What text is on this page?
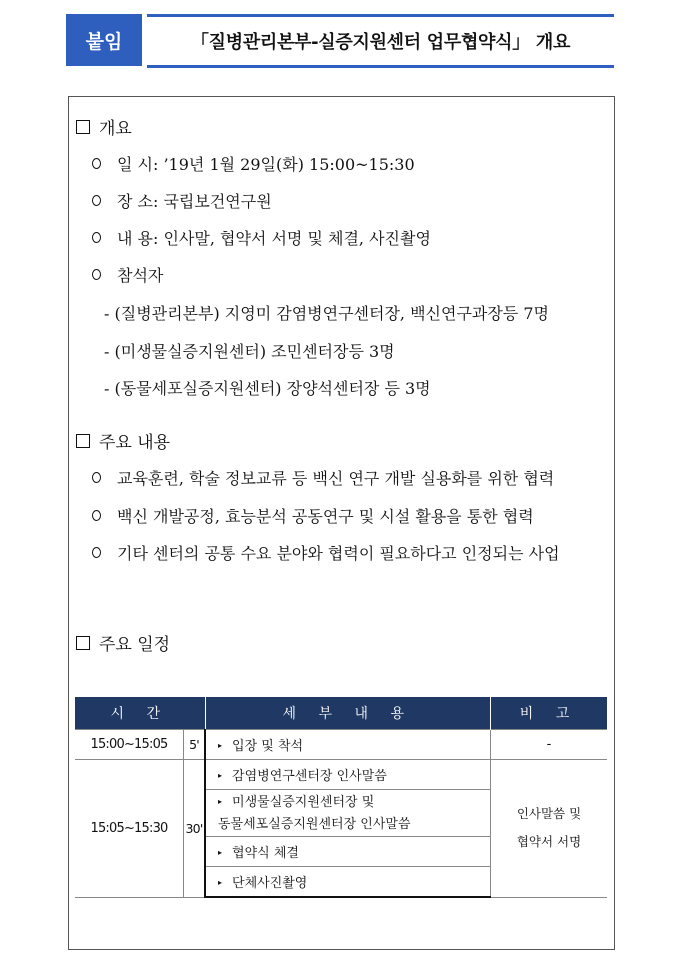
붙임	「질병관리본부-실증지원센터 업무협약식」 개요
개요
일 시: ’19년 1월 29일(화) 15:00~15:30
장 소: 국립보건연구원
내 용: 인사말, 협약서 서명 및 체결, 사진촬영
참석자
- (질병관리본부) 지영미 감염병연구센터장, 백신연구과장등 7명
- (미생물실증지원센터) 조민센터장등 3명
- (동물세포실증지원센터) 장양석센터장 등 3명
주요 내용
교육훈련, 학술 정보교류 등 백신 연구 개발 실용화를 위한 협력
백신 개발공정, 효능분석 공동연구 및 시설 활용을 통한 협력
기타 센터의 공통 수요 분야와 협력이 필요하다고 인정되는 사업
주요 일정
시 간		세 부 내 용	비 고
15:00~15:05	5'	▸ 입장 및 착석	-
15:05~15:30	30'	▸ 감염병연구센터장 인사말씀	인사말씀 및
협약서 서명

		▸ 미생물실증지원센터장 및
동물세포실증지원센터장 인사말씀	

		▸ 협약식 체결	
		▸ 단체사진촬영	
